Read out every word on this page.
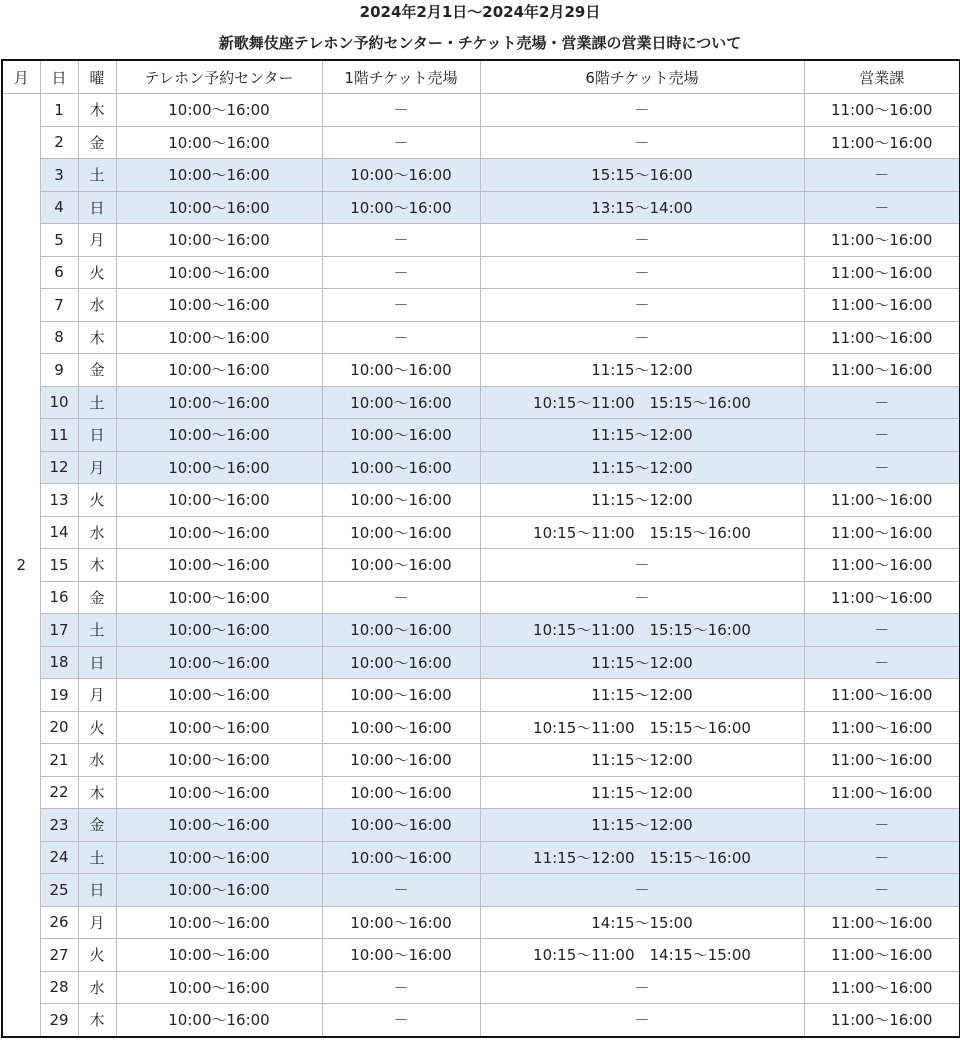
2024年2月1日～2024年2月29日
新歌舞伎座テレホン予約センター・チケット売場・営業課の営業日時について
月	日	曜	テレホン予約センター	1階チケット売場	6階チケット売場	営業課
2	1	木	10:00～16:00	－	－	11:00～16:00
	2	金	10:00～16:00	－	－	11:00～16:00
	3	土	10:00～16:00	10:00～16:00	15:15～16:00	－
	4	日	10:00～16:00	10:00～16:00	13:15～14:00	－
	5	月	10:00～16:00	－	－	11:00～16:00
	6	火	10:00～16:00	－	－	11:00～16:00
	7	水	10:00～16:00	－	－	11:00～16:00
	8	木	10:00～16:00	－	－	11:00～16:00
	9	金	10:00～16:00	10:00～16:00	11:15～12:00	11:00～16:00
	10	土	10:00～16:00	10:00～16:00	10:15～11:00　15:15～16:00	－
	11	日	10:00～16:00	10:00～16:00	11:15～12:00	－
	12	月	10:00～16:00	10:00～16:00	11:15～12:00	－
	13	火	10:00～16:00	10:00～16:00	11:15～12:00	11:00～16:00
	14	水	10:00～16:00	10:00～16:00	10:15～11:00　15:15～16:00	11:00～16:00
	15	木	10:00～16:00	10:00～16:00	－	11:00～16:00
	16	金	10:00～16:00	－	－	11:00～16:00
	17	土	10:00～16:00	10:00～16:00	10:15～11:00　15:15～16:00	－
	18	日	10:00～16:00	10:00～16:00	11:15～12:00	－
	19	月	10:00～16:00	10:00～16:00	11:15～12:00	11:00～16:00
	20	火	10:00～16:00	10:00～16:00	10:15～11:00　15:15～16:00	11:00～16:00
	21	水	10:00～16:00	10:00～16:00	11:15～12:00	11:00～16:00
	22	木	10:00～16:00	10:00～16:00	11:15～12:00	11:00～16:00
	23	金	10:00～16:00	10:00～16:00	11:15～12:00	－
	24	土	10:00～16:00	10:00～16:00	11:15～12:00　15:15～16:00	－
	25	日	10:00～16:00	－	－	－
	26	月	10:00～16:00	10:00～16:00	14:15～15:00	11:00～16:00
	27	火	10:00～16:00	10:00～16:00	10:15～11:00　14:15～15:00	11:00～16:00
	28	水	10:00～16:00	－	－	11:00～16:00
	29	木	10:00～16:00	－	－	11:00～16:00
